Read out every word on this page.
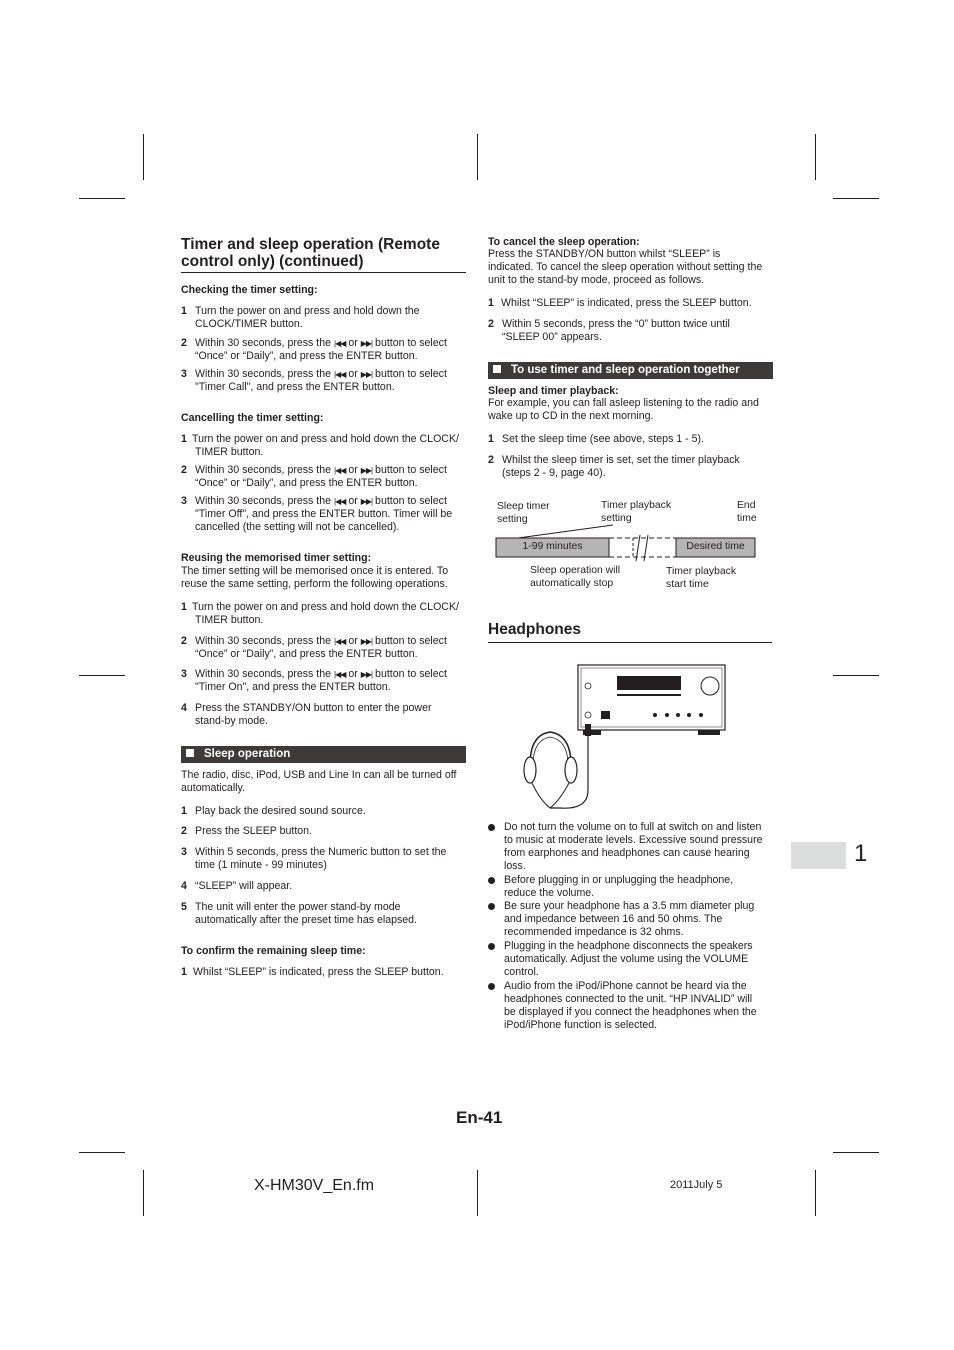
Timer and sleep operation (Remote
control only) (continued)
Checking the timer setting:
1 Turn the power on and press and hold down the
CLOCK/TIMER button.
2 Within 30 seconds, press the |◀◀ or ▶▶| button to select
“Once” or “Daily”, and press the ENTER button.
3 Within 30 seconds, press the |◀◀ or ▶▶| button to select
"Timer Call", and press the ENTER button.
Cancelling the timer setting:
1 Turn the power on and press and hold down the CLOCK/
TIMER button.
2 Within 30 seconds, press the |◀◀ or ▶▶| button to select
“Once” or “Daily”, and press the ENTER button.
3 Within 30 seconds, press the |◀◀ or ▶▶| button to select
"Timer Off", and press the ENTER button. Timer will be
cancelled (the setting will not be cancelled).
Reusing the memorised timer setting:
The timer setting will be memorised once it is entered. To
reuse the same setting, perform the following operations.
1 Turn the power on and press and hold down the CLOCK/
TIMER button.
2 Within 30 seconds, press the |◀◀ or ▶▶| button to select
“Once” or “Daily”, and press the ENTER button.
3 Within 30 seconds, press the |◀◀ or ▶▶| button to select
"Timer On", and press the ENTER button.
4 Press the STANDBY/ON button to enter the power
stand-by mode.
Sleep operation
The radio, disc, iPod, USB and Line In can all be turned off
automatically.
1 Play back the desired sound source.
2 Press the SLEEP button.
3 Within 5 seconds, press the Numeric button to set the
time (1 minute - 99 minutes)
4 “SLEEP” will appear.
5 The unit will enter the power stand-by mode
automatically after the preset time has elapsed.
To confirm the remaining sleep time:
1 Whilst “SLEEP” is indicated, press the SLEEP button.
To cancel the sleep operation:
Press the STANDBY/ON button whilst “SLEEP” is
indicated. To cancel the sleep operation without setting the
unit to the stand-by mode, proceed as follows.
1 Whilst “SLEEP” is indicated, press the SLEEP button.
2 Within 5 seconds, press the “0” button twice until
“SLEEP 00” appears.
To use timer and sleep operation together
Sleep and timer playback:
For example, you can fall asleep listening to the radio and
wake up to CD in the next morning.
1 Set the sleep time (see above, steps 1 - 5).
2 Whilst the sleep timer is set, set the timer playback
(steps 2 - 9, page 40).
Sleep timer
setting
Timer playback
setting
End
time
1-99 minutes	Desired time
Sleep operation will
automatically stop
Timer playback
start time
Headphones
Do not turn the volume on to full at switch on and listen
to music at moderate levels. Excessive sound pressure
from earphones and headphones can cause hearing
loss.
Before plugging in or unplugging the headphone,
reduce the volume.
Be sure your headphone has a 3.5 mm diameter plug
and impedance between 16 and 50 ohms. The
recommended impedance is 32 ohms.
Plugging in the headphone disconnects the speakers
automatically. Adjust the volume using the VOLUME
control.
Audio from the iPod/iPhone cannot be heard via the
headphones connected to the unit. “HP INVALID” will
be displayed if you connect the headphones when the
iPod/iPhone function is selected.
1
En-41
X-HM30V_En.fm	2011July 5
